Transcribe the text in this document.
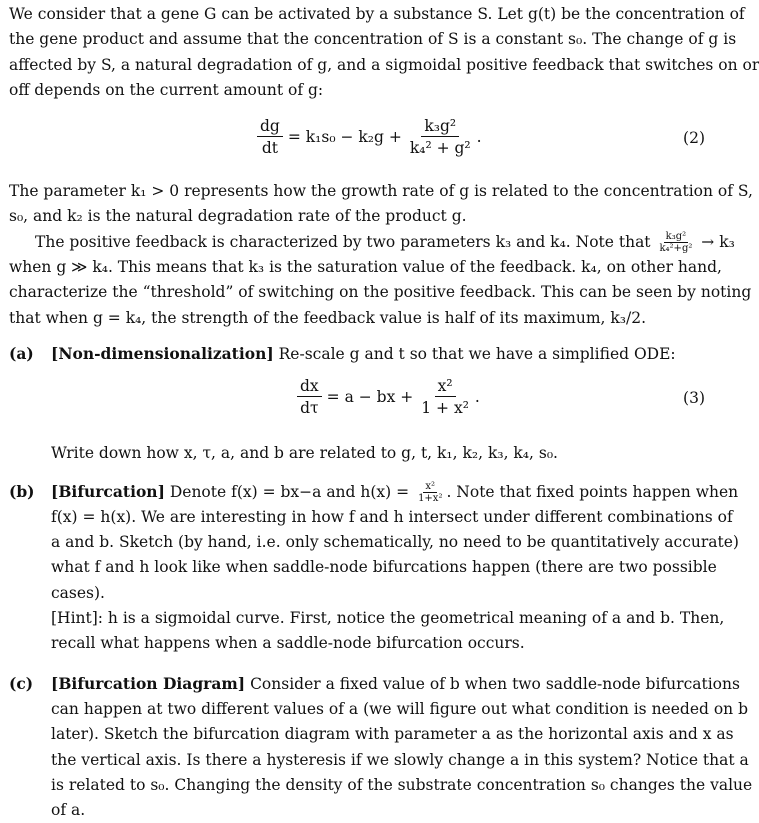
We consider that a gene G can be activated by a substance S. Let g(t) be the concentration of
the gene product and assume that the concentration of S is a constant s₀. The change of g is
affected by S, a natural degradation of g, and a sigmoidal positive feedback that switches on or
off depends on the current amount of g:
$\frac{dg}{dt} = k_1s_0 - k_2g + \frac{\text{k₃g²}}{\text{k₄² + g²}}$ .	(2)
The parameter k₁ > 0 represents how the growth rate of g is related to the concentration of S,
s₀, and k₂ is the natural degradation rate of the product g.
The positive feedback is characterized by two parameters k₃ and k₄. Note that $\frac{\text{k₃g²}}{\text{k₄²+g²}} \to k_3$
when g ≫ k₄. This means that k₃ is the saturation value of the feedback. k₄, on other hand,
characterize the “threshold” of switching on the positive feedback. This can be seen by noting
that when g = k₄, the strength of the feedback value is half of its maximum, k₃/2.
(a) [Non-dimensionalization] Re-scale g and t so that we have a simplified ODE:
$\frac{dx}{d\tau} = a$ − bx + $\frac{\text{x²}}{\text{1 + x²}}$ .	(3)
Write down how x, τ, a, and b are related to g, t, k₁, k₂, k₃, k₄, s₀.
(b) [Bifurcation] Denote f(x) = bx−a and $h(x) = \frac{\text{x²}}{\text{1+x²}}$ . Note that fixed points happen when
f(x) = h(x). We are interesting in how f and h intersect under different combinations of
a and b. Sketch (by hand, i.e. only schematically, no need to be quantitatively accurate)
what f and h look like when saddle-node bifurcations happen (there are two possible
cases).
[Hint]: h is a sigmoidal curve. First, notice the geometrical meaning of a and b. Then,
recall what happens when a saddle-node bifurcation occurs.
(c) [Bifurcation Diagram] Consider a fixed value of b when two saddle-node bifurcations
can happen at two different values of a (we will figure out what condition is needed on b
later). Sketch the bifurcation diagram with parameter a as the horizontal axis and x as
the vertical axis. Is there a hysteresis if we slowly change a in this system? Notice that a
is related to s₀. Changing the density of the substrate concentration s₀ changes the value
of a.
